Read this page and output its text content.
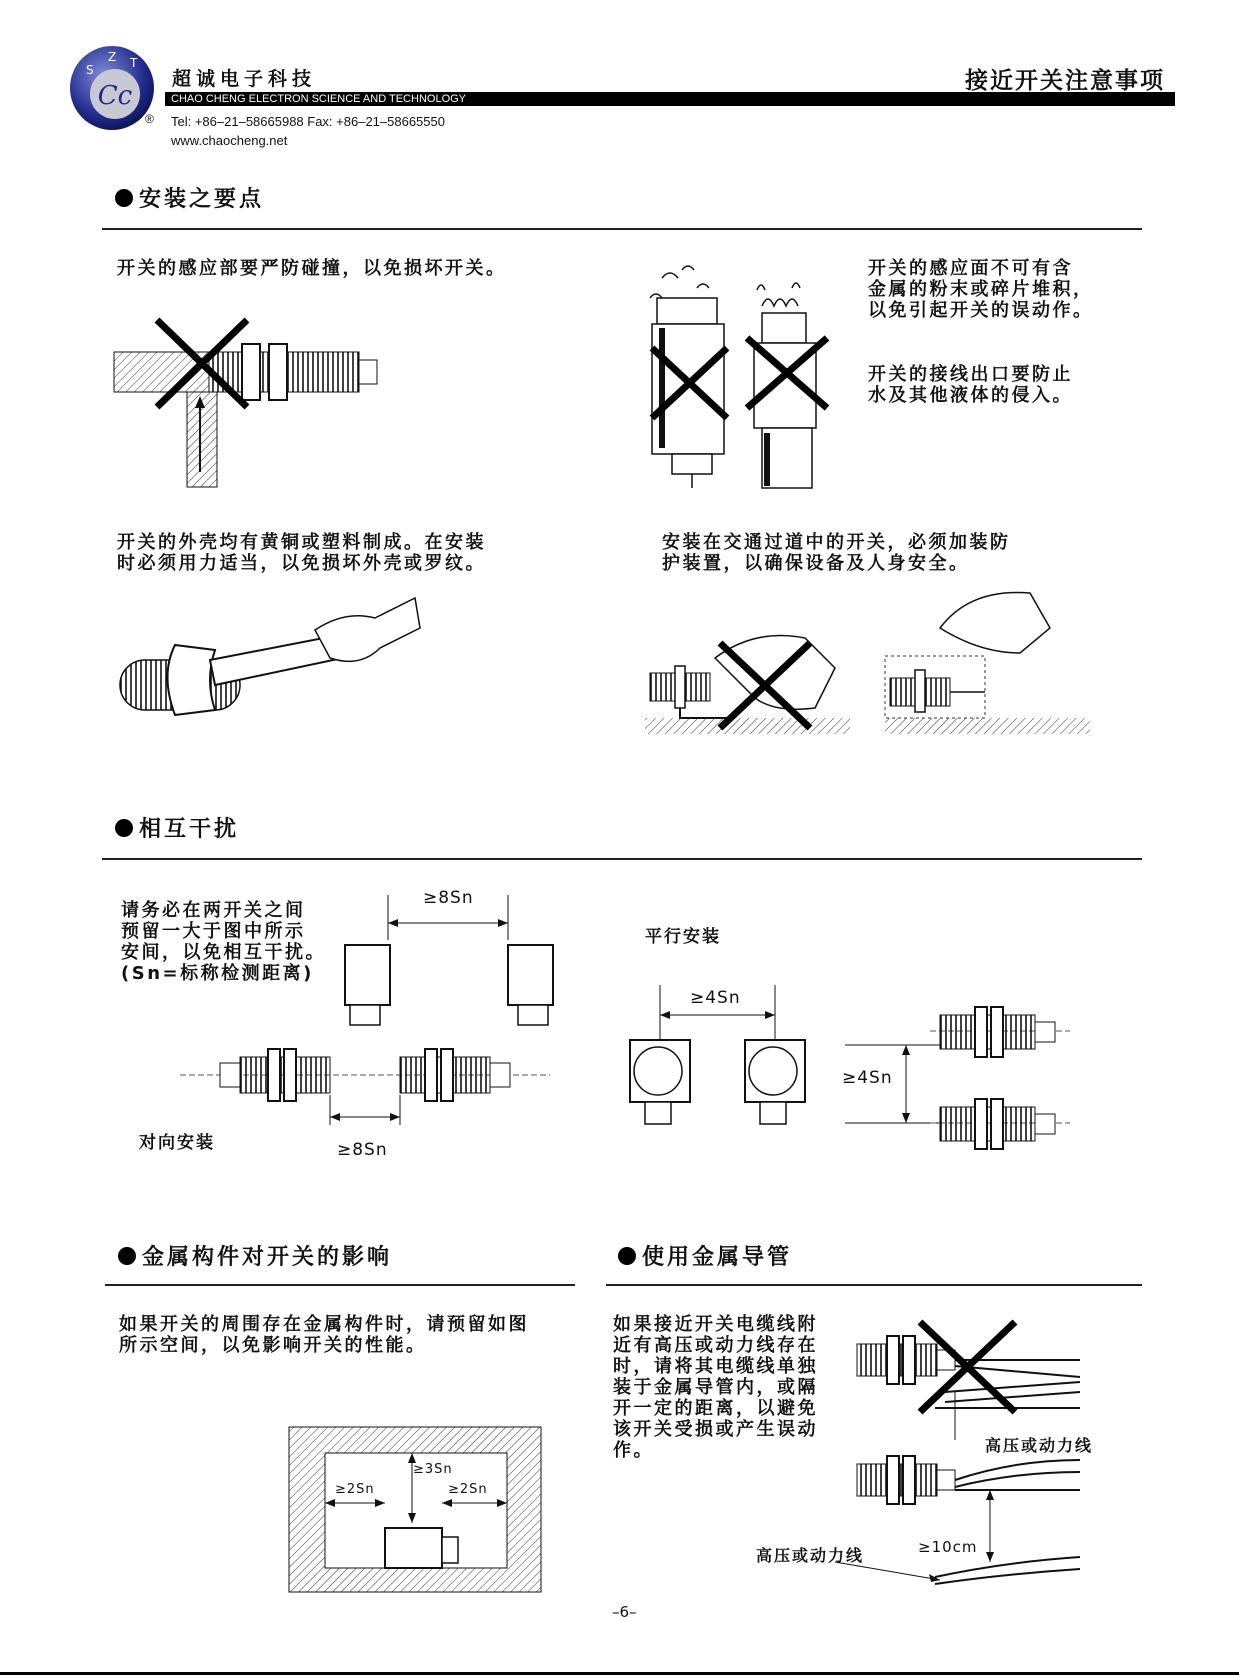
Cc
S
Z T
超诚电子科技
CHAO CHENG ELECTRON SCIENCE AND TECHNOLOGY
接近开关注意事项
® Tel: +86–21–58665988 Fax: +86–21–58665550
www.chaocheng.net
安装之要点
开关的感应部要严防碰撞，以免损坏开关。	开关的感应面不可有含
金属的粉末或碎片堆积，
以免引起开关的误动作。
开关的接线出口要防止
水及其他液体的侵入。
开关的外壳均有黄铜或塑料制成。在安装
时必须用力适当，以免损坏外壳或罗纹。
安装在交通过道中的开关，必须加装防
护装置，以确保设备及人身安全。
相互干扰
请务必在两开关之间
预留一大于图中所示
安间，以免相互干扰。
(Sn=标称检测距离)
≥8Sn
对向安装	≥8Sn
平行安装
≥4Sn
≥4Sn
金属构件对开关的影响
如果开关的周围存在金属构件时，请预留如图
所示空间，以免影响开关的性能。
≥3Sn
≥2Sn	≥2Sn
使用金属导管
如果接近开关电缆线附
近有高压或动力线存在
时，请将其电缆线单独
装于金属导管内，或隔
开一定的距离，以避免
该开关受损或产生误动
作。	高压或动力线
高压或动力线	≥10cm
–6–
